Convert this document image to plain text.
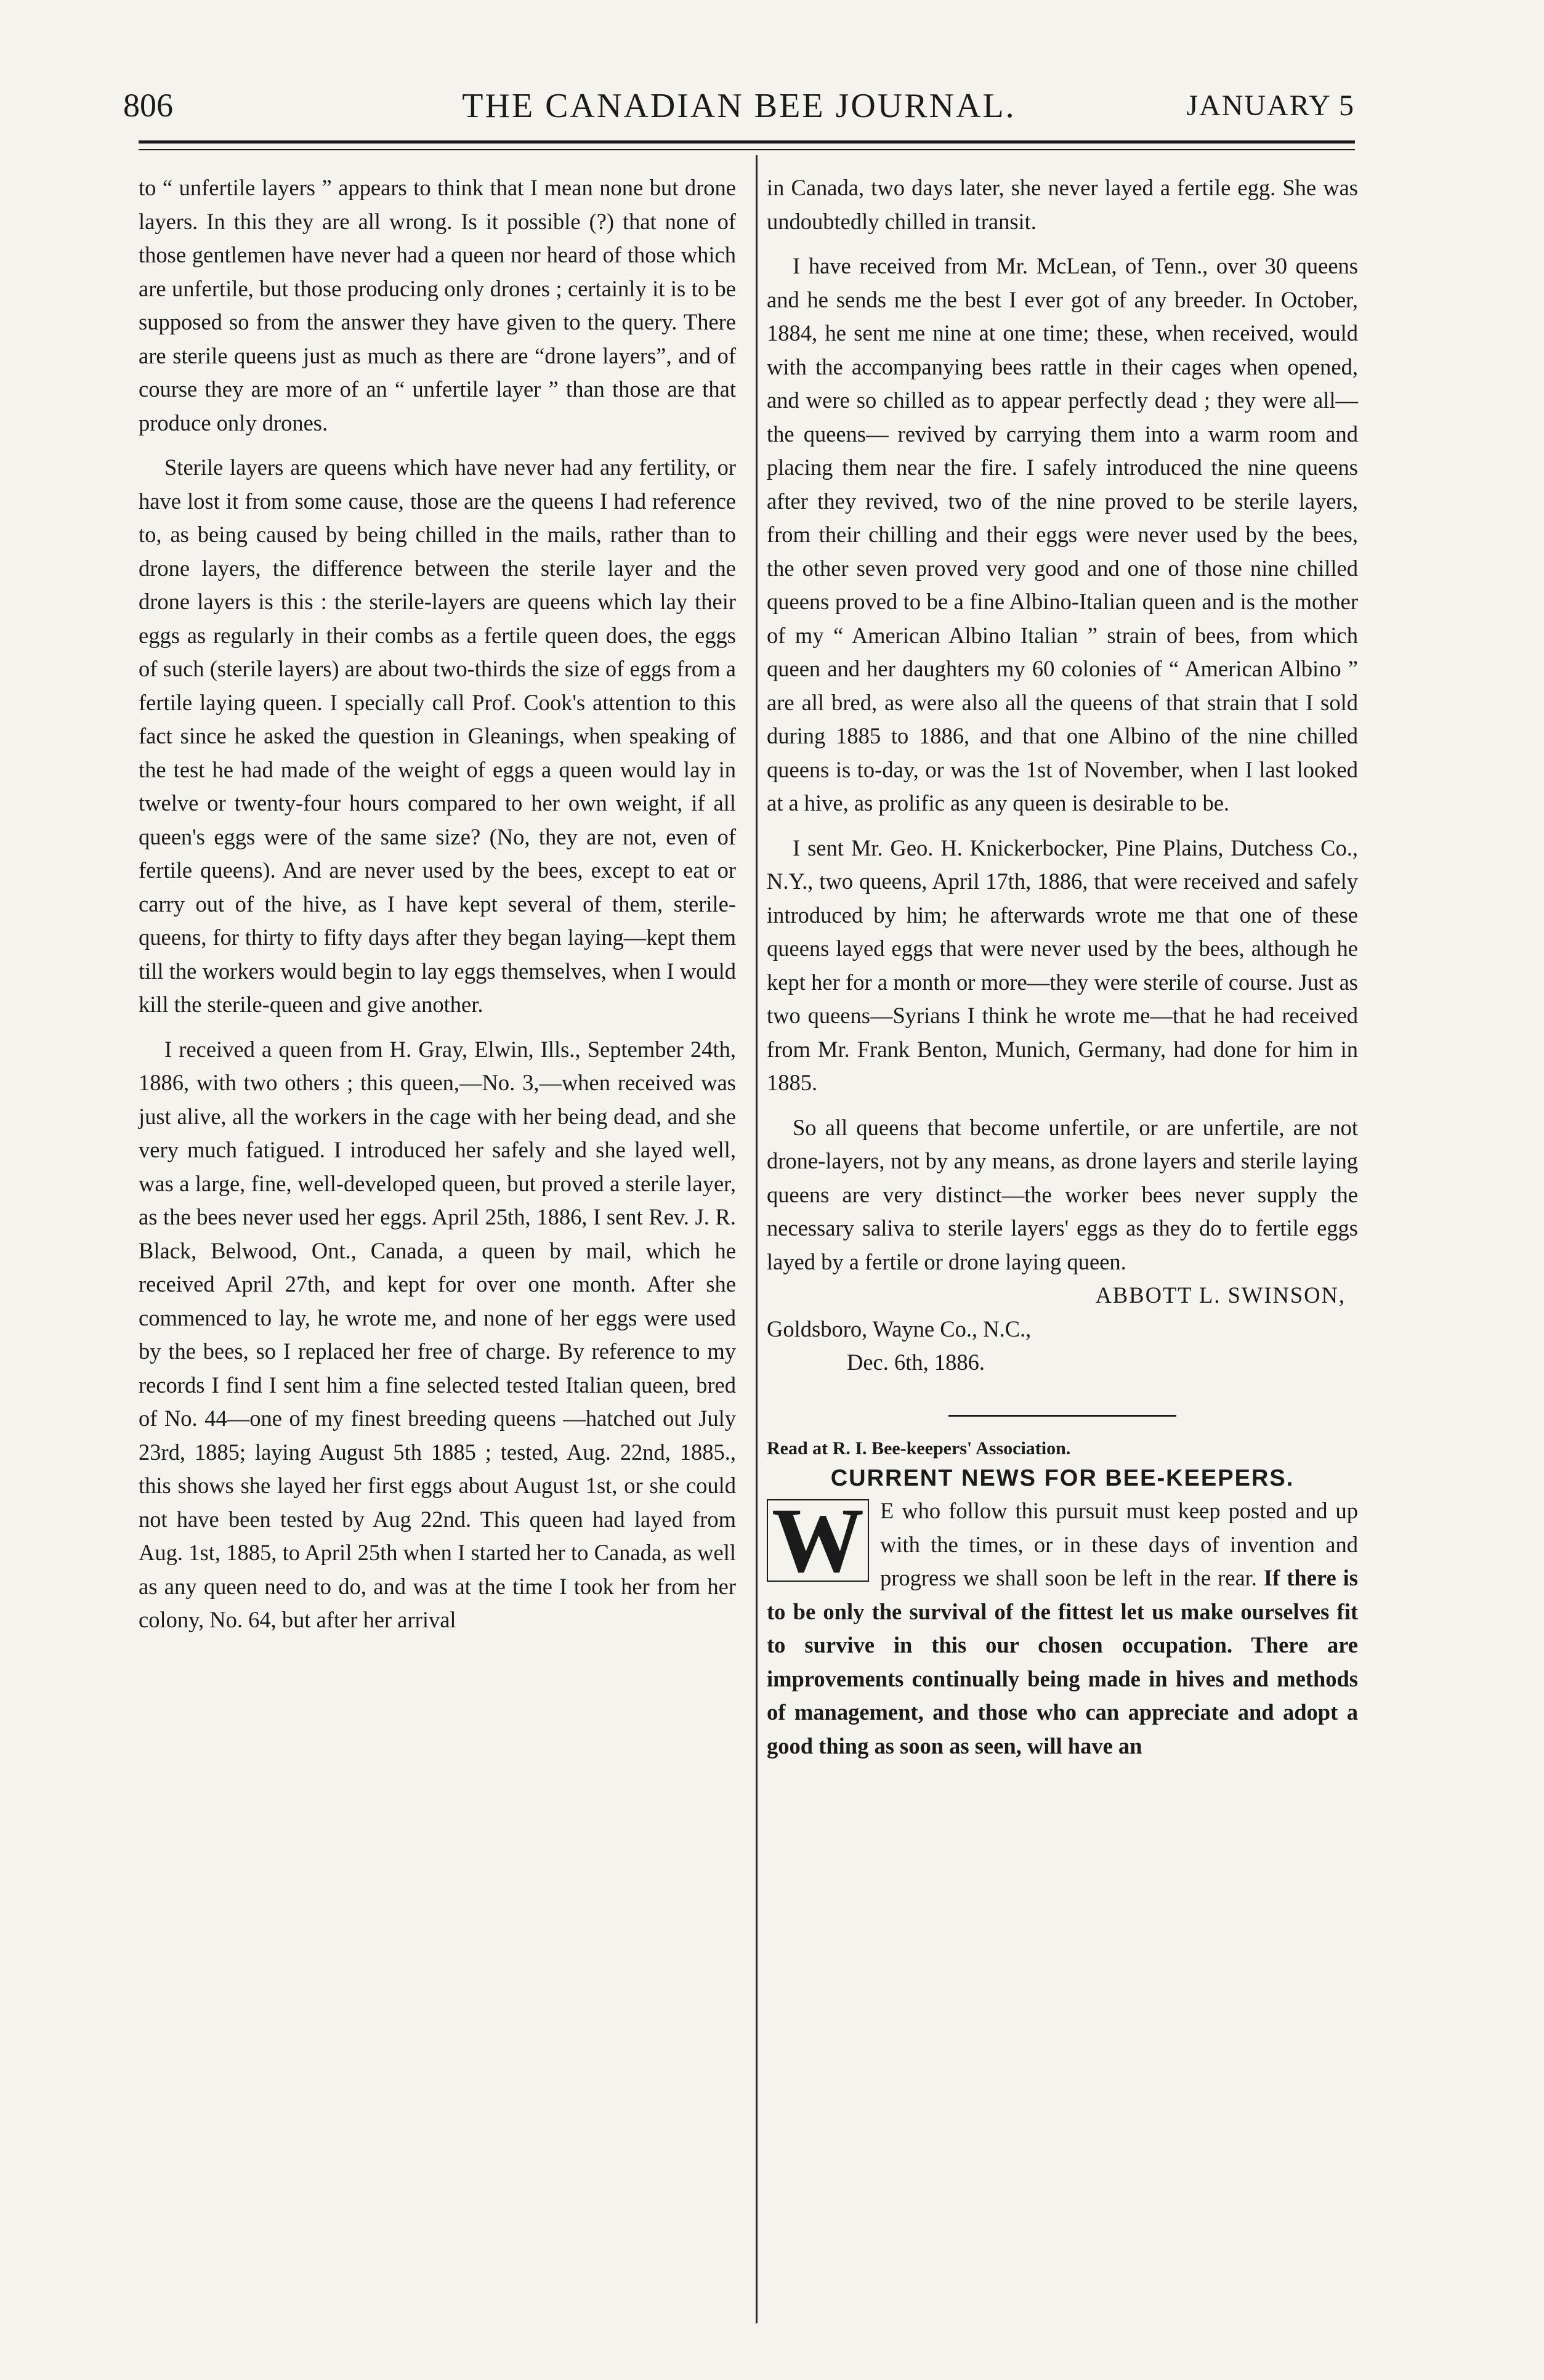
806	THE CANADIAN BEE JOURNAL.	JANUARY 5

to “ unfertile layers ” appears to think that I mean none but drone layers. In this they are all wrong. Is it possible (?) that none of those gentlemen have never had a queen nor heard of those which are unfertile, but those producing only drones ; certainly it is to be supposed so from the answer they have given to the query. There are sterile queens just as much as there are “drone layers”, and of course they are more of an “ unfertile layer ” than those are that produce only drones.

Sterile layers are queens which have never had any fertility, or have lost it from some cause, those are the queens I had reference to, as being caused by being chilled in the mails, rather than to drone layers, the difference between the sterile layer and the drone layers is this : the sterile-layers are queens which lay their eggs as regularly in their combs as a fertile queen does, the eggs of such (sterile layers) are about two-thirds the size of eggs from a fertile laying queen. I specially call Prof. Cook's attention to this fact since he asked the question in Gleanings, when speaking of the test he had made of the weight of eggs a queen would lay in twelve or twenty-four hours compared to her own weight, if all queen's eggs were of the same size? (No, they are not, even of fertile queens). And are never used by the bees, except to eat or carry out of the hive, as I have kept several of them, sterile-queens, for thirty to fifty days after they began laying—kept them till the workers would begin to lay eggs themselves, when I would kill the sterile-queen and give another.

I received a queen from H. Gray, Elwin, Ills., September 24th, 1886, with two others ; this queen,—No. 3,—when received was just alive, all the workers in the cage with her being dead, and she very much fatigued. I introduced her safely and she layed well, was a large, fine, well-developed queen, but proved a sterile layer, as the bees never used her eggs. April 25th, 1886, I sent Rev. J. R. Black, Belwood, Ont., Canada, a queen by mail, which he received April 27th, and kept for over one month. After she commenced to lay, he wrote me, and none of her eggs were used by the bees, so I replaced her free of charge. By reference to my records I find I sent him a fine selected tested Italian queen, bred of No. 44—one of my finest breeding queens —hatched out July 23rd, 1885; laying August 5th 1885 ; tested, Aug. 22nd, 1885., this shows she layed her first eggs about August 1st, or she could not have been tested by Aug 22nd. This queen had layed from Aug. 1st, 1885, to April 25th when I started her to Canada, as well as any queen need to do, and was at the time I took her from her colony, No. 64, but after her arrival

in Canada, two days later, she never layed a fertile egg. She was undoubtedly chilled in transit.

I have received from Mr. McLean, of Tenn., over 30 queens and he sends me the best I ever got of any breeder. In October, 1884, he sent me nine at one time; these, when received, would with the accompanying bees rattle in their cages when opened, and were so chilled as to appear perfectly dead ; they were all—the queens— revived by carrying them into a warm room and placing them near the fire. I safely introduced the nine queens after they revived, two of the nine proved to be sterile layers, from their chilling and their eggs were never used by the bees, the other seven proved very good and one of those nine chilled queens proved to be a fine Albino-Italian queen and is the mother of my “ American Albino Italian ” strain of bees, from which queen and her daughters my 60 colonies of “ American Albino ” are all bred, as were also all the queens of that strain that I sold during 1885 to 1886, and that one Albino of the nine chilled queens is to-day, or was the 1st of November, when I last looked at a hive, as prolific as any queen is desirable to be.

I sent Mr. Geo. H. Knickerbocker, Pine Plains, Dutchess Co., N.Y., two queens, April 17th, 1886, that were received and safely introduced by him; he afterwards wrote me that one of these queens layed eggs that were never used by the bees, although he kept her for a month or more—they were sterile of course. Just as two queens—Syrians I think he wrote me—that he had received from Mr. Frank Benton, Munich, Germany, had done for him in 1885.

So all queens that become unfertile, or are unfertile, are not drone-layers, not by any means, as drone layers and sterile laying queens are very distinct—the worker bees never supply the necessary saliva to sterile layers' eggs as they do to fertile eggs layed by a fertile or drone laying queen.

ABBOTT L. SWINSON,
Goldsboro, Wayne Co., N.C.,
Dec. 6th, 1886.
Read at R. I. Bee-keepers' Association.
CURRENT NEWS FOR BEE-KEEPERS.

W E who follow this pursuit must keep posted and up with the times, or in these days of invention and progress we shall soon be left in the rear. If there is to be only the survival of the fittest let us make ourselves fit to survive in this our chosen occupation. There are improvements continually being made in hives and methods of management, and those who can appreciate and adopt a good thing as soon as seen, will have an
